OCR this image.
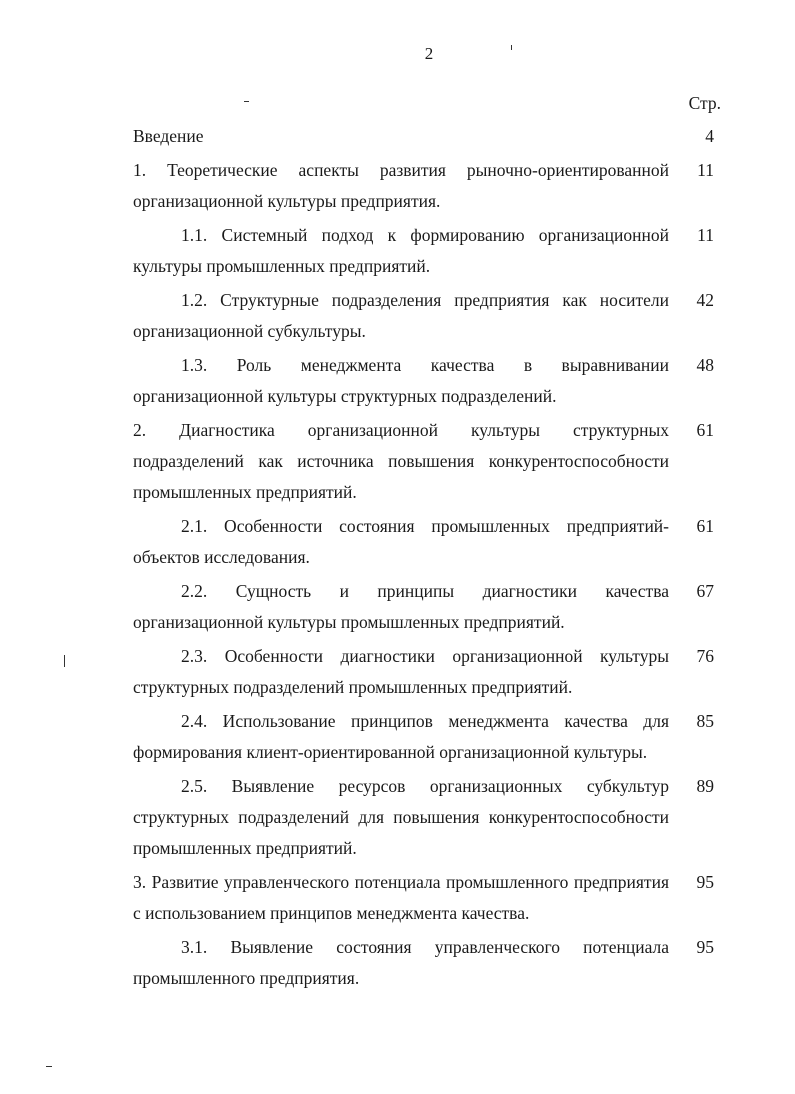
2
Стр.
Введение	4
1. Теоретические аспекты развития рыночно-ориентированной организационной культуры предприятия.
11
1.1. Системный подход к формированию организационной культуры промышленных предприятий.
11
1.2. Структурные подразделения предприятия как носители организационной субкультуры.
42
1.3. Роль менеджмента качества в выравнивании организационной культуры структурных подразделений.
48
2. Диагностика организационной культуры структурных подразделений как источника повышения конкурентоспособности промышленных предприятий.
61
2.1. Особенности состояния промышленных предприятий-объектов исследования.
61
2.2. Сущность и принципы диагностики качества организационной культуры промышленных предприятий.
67
2.3. Особенности диагностики организационной культуры структурных подразделений промышленных предприятий.
76
2.4. Использование принципов менеджмента качества для формирования клиент-ориентированной организационной культуры.
85
2.5. Выявление ресурсов организационных субкультур структурных подразделений для повышения конкурентоспособности промышленных предприятий.
89
3. Развитие управленческого потенциала промышленного предприятия с использованием принципов менеджмента качества.
95
3.1. Выявление состояния управленческого потенциала промышленного предприятия.
95
